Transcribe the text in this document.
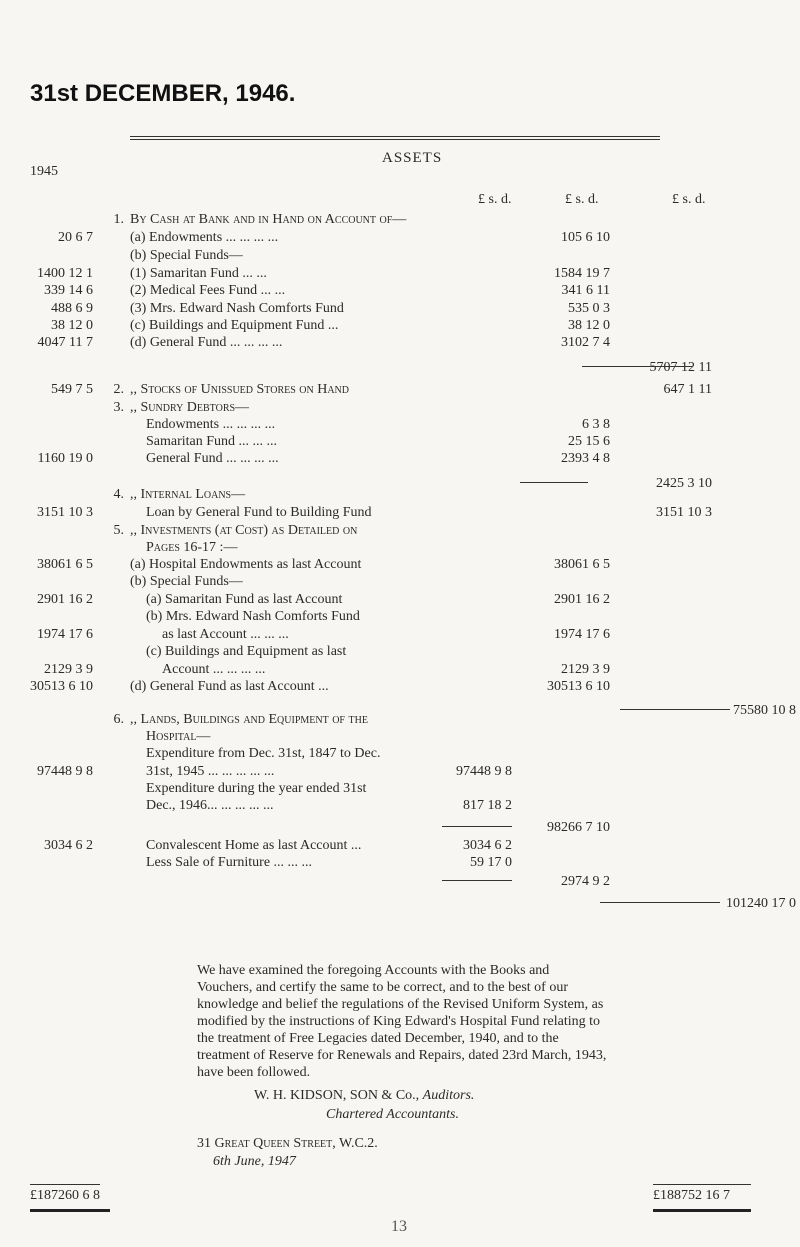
31st DECEMBER, 1946.
ASSETS
1945
£ s. d.	£ s. d.	£ s. d.
1. By Cash at Bank and in Hand on Account of—
20 6 7	(a) Endowments ... ... ... ...	105 6 10
(b) Special Funds—
1400 12 1	(1) Samaritan Fund ... ...	1584 19 7
339 14 6	(2) Medical Fees Fund ... ...	341 6 11
488 6 9	(3) Mrs. Edward Nash Comforts Fund	535 0 3
38 12 0	(c) Buildings and Equipment Fund ...	38 12 0
4047 11 7	(d) General Fund ... ... ... ...	3102 7 4
5707 12 11
549 7 5	2. ,, Stocks of Unissued Stores on Hand	647 1 11
3. ,, Sundry Debtors—
Endowments ... ... ... ...	6 3 8
Samaritan Fund ... ... ...	25 15 6
1160 19 0	General Fund ... ... ... ...	2393 4 8
2425 3 10
4. ,, Internal Loans—
3151 10 3	Loan by General Fund to Building Fund	3151 10 3
5. ,, Investments (at Cost) as Detailed on
Pages 16-17 :—
38061 6 5	(a) Hospital Endowments as last Account	38061 6 5
(b) Special Funds—
2901 16 2	(a) Samaritan Fund as last Account	2901 16 2
(b) Mrs. Edward Nash Comforts Fund
1974 17 6	as last Account ... ... ...	1974 17 6
(c) Buildings and Equipment as last
2129 3 9	Account ... ... ... ...	2129 3 9
30513 6 10	(d) General Fund as last Account ...	30513 6 10
75580 10 8
6. ,, Lands, Buildings and Equipment of the
Hospital—
Expenditure from Dec. 31st, 1847 to Dec.
97448 9 8	31st, 1945 ... ... ... ... ...	97448 9 8
Expenditure during the year ended 31st
Dec., 1946... ... ... ... ...	817 18 2
98266 7 10
3034 6 2	Convalescent Home as last Account ...	3034 6 2
Less Sale of Furniture ... ... ...	59 17 0
2974 9 2
101240 17 0
We have examined the foregoing Accounts with the Books and Vouchers, and certify the same to be correct, and to the best of our knowledge and belief the regulations of the Revised Uniform System, as modified by the instructions of King Edward's Hospital Fund relating to the treatment of Free Legacies dated December, 1940, and to the treatment of Reserve for Renewals and Repairs, dated 23rd March, 1943, have been followed.
W. H. KIDSON, SON & Co., Auditors.
Chartered Accountants.
31 Great Queen Street, W.C.2.
6th June, 1947
£187260 6 8	£188752 16 7
13
